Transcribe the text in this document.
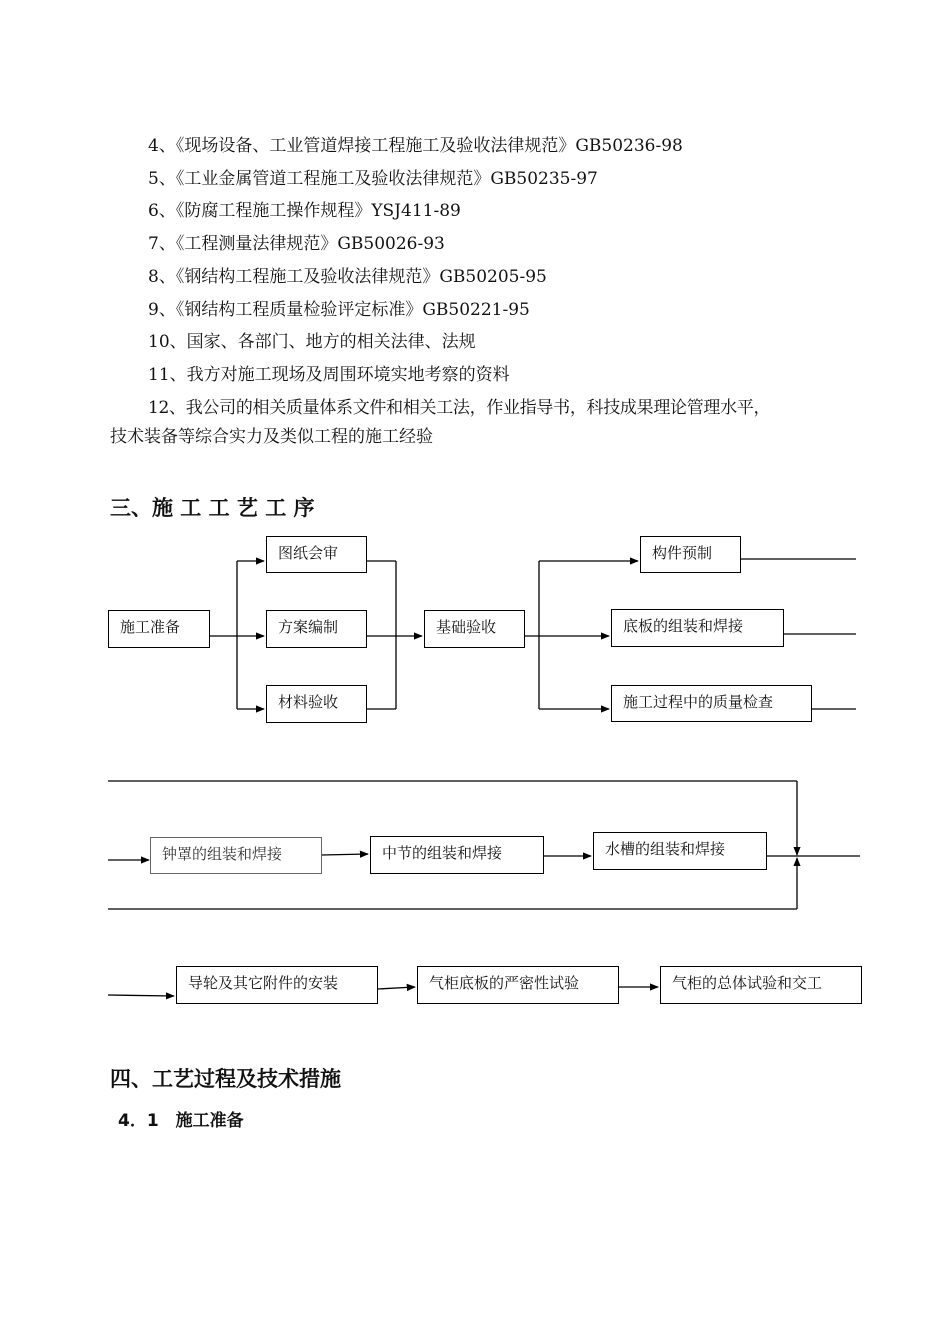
4、《现场设备、工业管道焊接工程施工及验收法律规范》GB50236-98
5、《工业金属管道工程施工及验收法律规范》GB50235-97
6、《防腐工程施工操作规程》YSJ411-89
7、《工程测量法律规范》GB50026-93
8、《钢结构工程施工及验收法律规范》GB50205-95
9、《钢结构工程质量检验评定标准》GB50221-95
10、国家、各部门、地方的相关法律、法规
11、我方对施工现场及周围环境实地考察的资料
12、我公司的相关质量体系文件和相关工法，作业指导书，科技成果理论管理水平，
技术装备等综合实力及类似工程的施工经验
三、施 工 工 艺 工 序
施工准备
图纸会审
方案编制
材料验收
基础验收
构件预制
底板的组装和焊接
施工过程中的质量检查
钟罩的组装和焊接	中节的组装和焊接	水槽的组装和焊接
导轮及其它附件的安装	气柜底板的严密性试验	气柜的总体试验和交工
四、工艺过程及技术措施
4．1　施工准备
